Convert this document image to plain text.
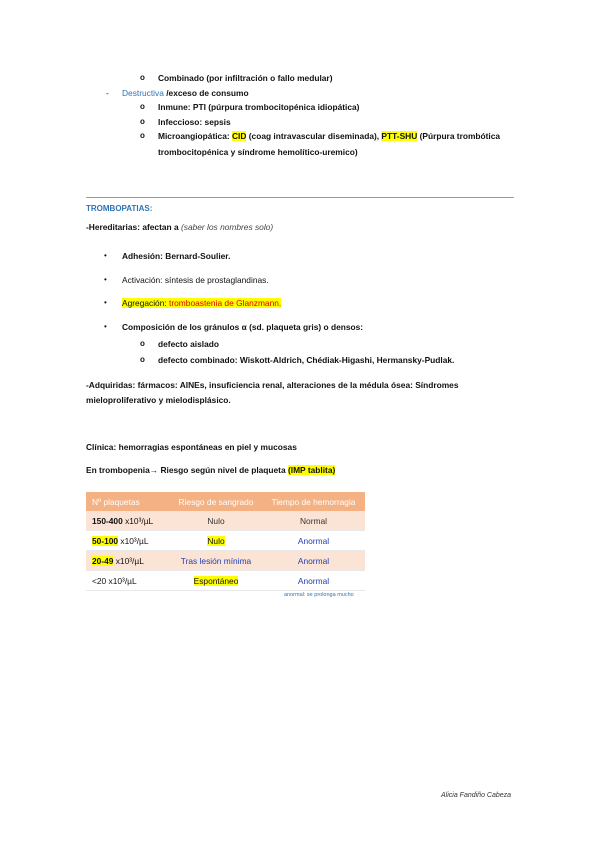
o Combinado (por infiltración o fallo medular)
- Destructiva /exceso de consumo
o Inmune: PTI (púrpura trombocitopénica idiopática)
o Infeccioso: sepsis
o Microangiopática: CID (coag intravascular diseminada), PTT-SHU (Púrpura trombótica
trombocitopénica y síndrome hemolítico-uremico)
TROMBOPATIAS:
-Hereditarias: afectan a (saber los nombres solo)
• Adhesión: Bernard-Soulier.
• Activación: síntesis de prostaglandinas.
• Agregación: tromboastenia de Glanzmann.
• Composición de los gránulos α (sd. plaqueta gris) o densos:
o defecto aislado
o defecto combinado: Wiskott-Aldrich, Chédiak-Higashi, Hermansky-Pudlak.
-Adquiridas: fármacos: AINEs, insuficiencia renal, alteraciones de la médula ósea: Síndromes
mieloproliferativo y mielodisplásico.
Clínica: hemorragias espontáneas en piel y mucosas
En trombopenia→ Riesgo según nivel de plaqueta (IMP tablita)
Nº plaquetas	Riesgo de sangrado	Tiempo de hemorragia
150-400 x10³/µL	Nulo	Normal
50-100 x10³/µL	Nulo	Anormal
20-49 x10³/µL	Tras lesión mínima	Anormal
<20 x10³/µL	Espontáneo	Anormal
anormal: se prolonga mucho
Alicia Fandiño Cabeza
